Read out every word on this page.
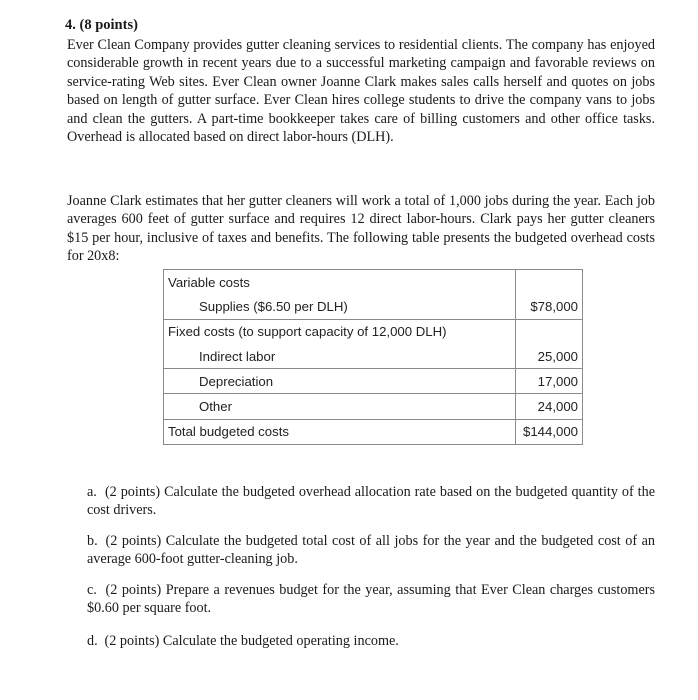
4. (8 points)

Ever Clean Company provides gutter cleaning services to residential clients. The company has enjoyed considerable growth in recent years due to a successful marketing campaign and favorable reviews on service-rating Web sites. Ever Clean owner Joanne Clark makes sales calls herself and quotes on jobs based on length of gutter surface. Ever Clean hires college students to drive the company vans to jobs and clean the gutters. A part-time bookkeeper takes care of billing customers and other office tasks. Overhead is allocated based on direct labor-hours (DLH).

Joanne Clark estimates that her gutter cleaners will work a total of 1,000 jobs during the year. Each job averages 600 feet of gutter surface and requires 12 direct labor-hours. Clark pays her gutter cleaners $15 per hour, inclusive of taxes and benefits. The following table presents the budgeted overhead costs for 20x8:

Variable costs	
Supplies ($6.50 per DLH)	$78,000
Fixed costs (to support capacity of 12,000 DLH)	
Indirect labor	25,000
Depreciation	17,000
Other	24,000
Total budgeted costs	$144,000

a. (2 points) Calculate the budgeted overhead allocation rate based on the budgeted quantity of the cost drivers.

b. (2 points) Calculate the budgeted total cost of all jobs for the year and the budgeted cost of an average 600-foot gutter-cleaning job.

c. (2 points) Prepare a revenues budget for the year, assuming that Ever Clean charges customers $0.60 per square foot.

d. (2 points) Calculate the budgeted operating income.
